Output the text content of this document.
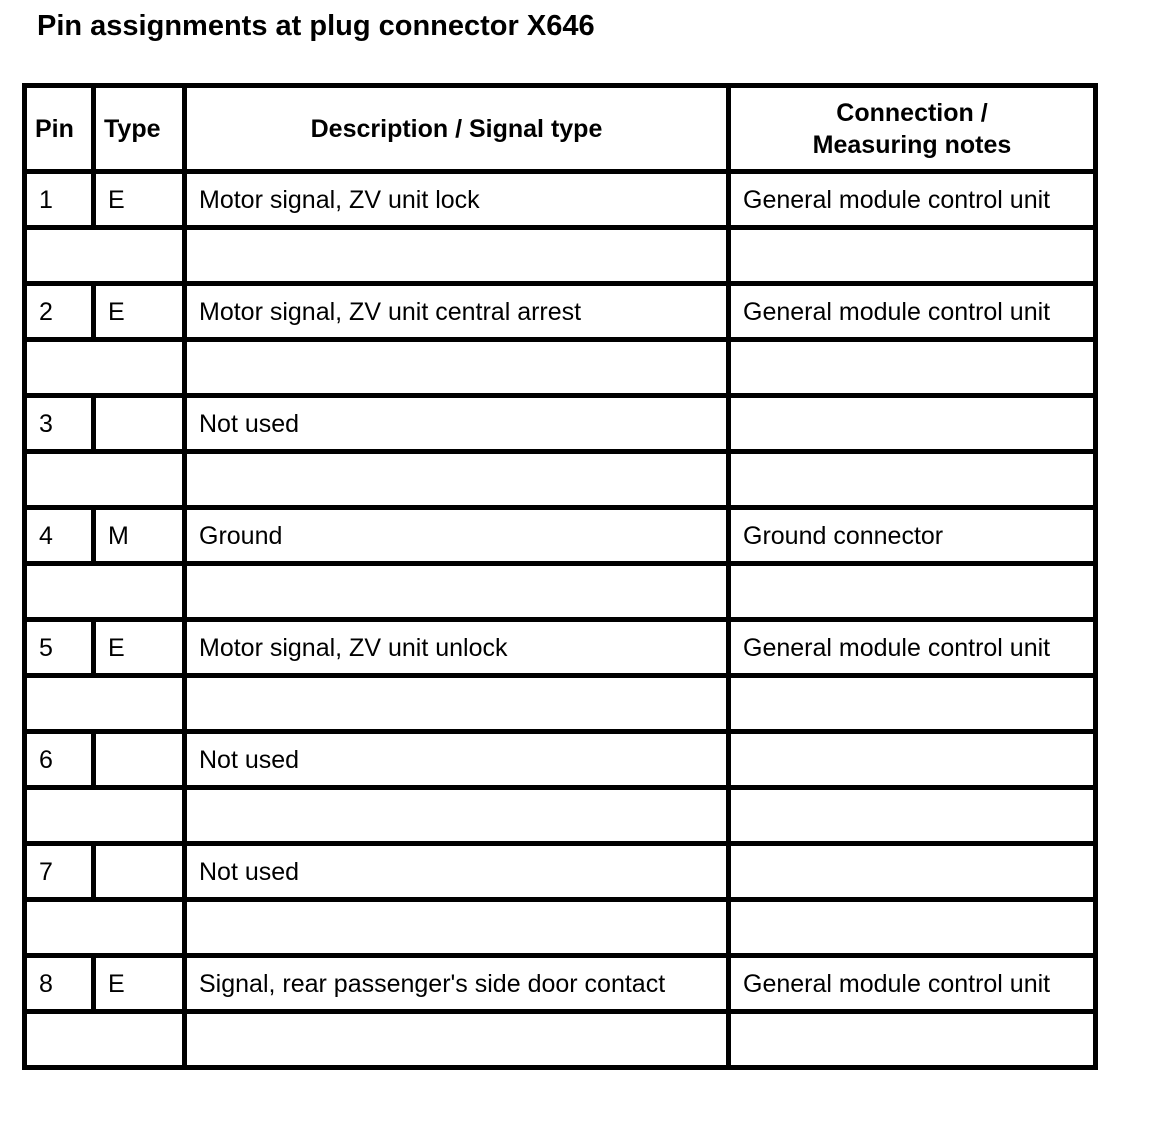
Pin assignments at plug connector X646
Pin	Type	Description / Signal type	Connection /
Measuring notes

1	E	Motor signal, ZV unit lock	General module control unit

2	E	Motor signal, ZV unit central arrest	General module control unit

3		Not used	

4	M	Ground	Ground connector

5	E	Motor signal, ZV unit unlock	General module control unit

6		Not used	

7		Not used	

8	E	Signal, rear passenger's side door contact	General module control unit
